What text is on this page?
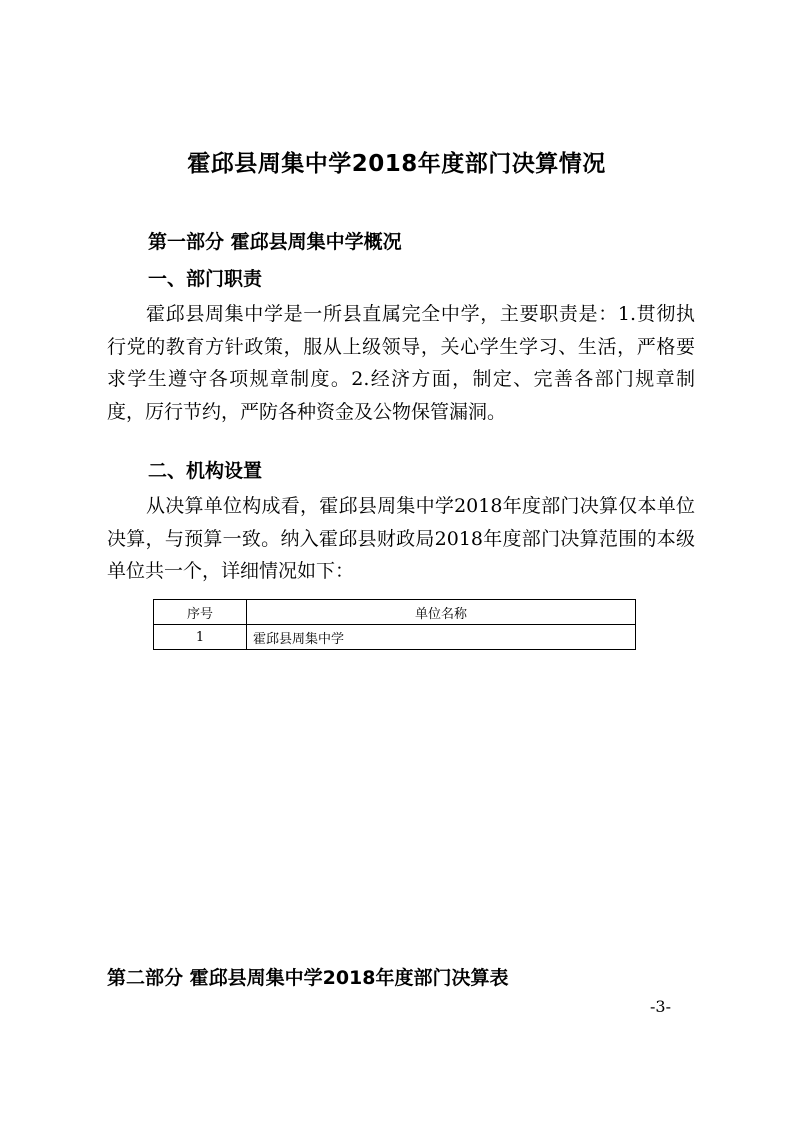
霍邱县周集中学2018年度部门决算情况
第一部分 霍邱县周集中学概况
一、部门职责

霍邱县周集中学是一所县直属完全中学，主要职责是：1.贯彻执行党的教育方针政策，服从上级领导，关心学生学习、生活，严格要求学生遵守各项规章制度。2.经济方面，制定、完善各部门规章制度，厉行节约，严防各种资金及公物保管漏洞。

二、机构设置

从决算单位构成看，霍邱县周集中学2018年度部门决算仅本单位决算，与预算一致。纳入霍邱县财政局2018年度部门决算范围的本级单位共一个，详细情况如下：

序号	单位名称
1	霍邱县周集中学
第二部分 霍邱县周集中学2018年度部门决算表

-3-
